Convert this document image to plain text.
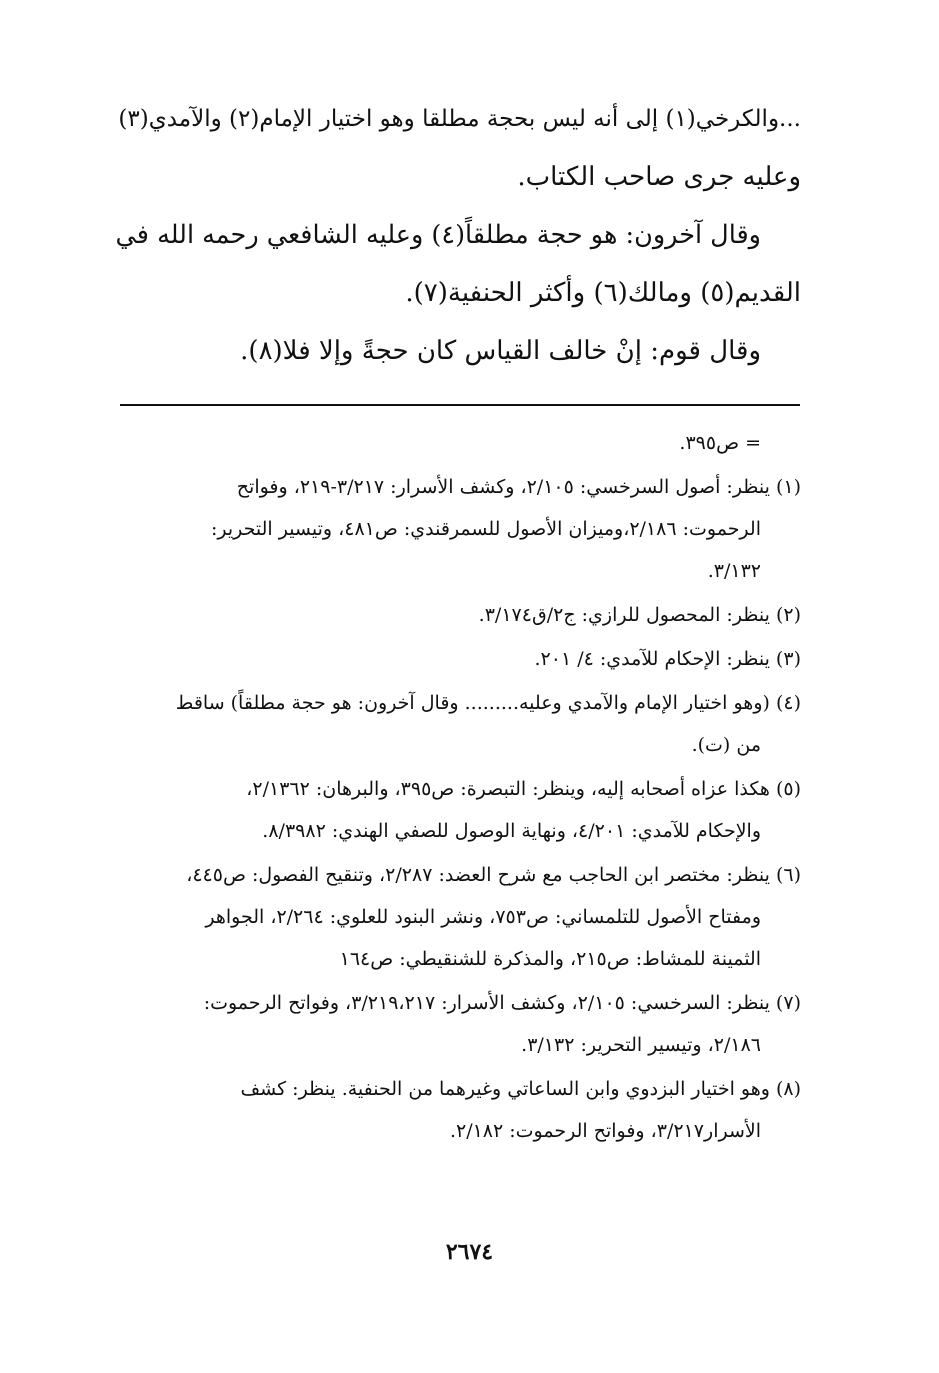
...والكرخي(١) إلى أنه ليس بحجة مطلقا وهو اختيار الإمام(٢) والآمدي(٣)
وعليه جرى صاحب الكتاب.
وقال آخرون: هو حجة مطلقاً(٤) وعليه الشافعي رحمه الله في
القديم(٥) ومالك(٦) وأكثر الحنفية(٧).
وقال قوم: إنْ خالف القياس كان حجةً وإلا فلا(٨).
= ص٣٩٥.
(١) ينظر: أصول السرخسي: ٢/١٠٥، وكشف الأسرار: ٣/٢١٧-٢١٩، وفواتح
الرحموت: ٢/١٨٦،وميزان الأصول للسمرقندي: ص٤٨١، وتيسير التحرير:
٣/١٣٢.
(٢) ينظر: المحصول للرازي: ج٢/ق٣/١٧٤.
(٣) ينظر: الإحكام للآمدي: ٤/ ٢٠١.
(٤) (وهو اختيار الإمام والآمدي وعليه......... وقال آخرون: هو حجة مطلقاً) ساقط
من (ت).
(٥) هكذا عزاه أصحابه إليه، وينظر: التبصرة: ص٣٩٥، والبرهان: ٢/١٣٦٢،
والإحكام للآمدي: ٤/٢٠١، ونهاية الوصول للصفي الهندي: ٨/٣٩٨٢.
(٦) ينظر: مختصر ابن الحاجب مع شرح العضد: ٢/٢٨٧، وتنقيح الفصول: ص٤٤٥،
ومفتاح الأصول للتلمساني: ص٧٥٣، ونشر البنود للعلوي: ٢/٢٦٤، الجواهر
الثمينة للمشاط: ص٢١٥، والمذكرة للشنقيطي: ص١٦٤
(٧) ينظر: السرخسي: ٢/١٠٥، وكشف الأسرار: ٣/٢١٩،٢١٧، وفواتح الرحموت:
٢/١٨٦، وتيسير التحرير: ٣/١٣٢.
(٨) وهو اختيار البزدوي وابن الساعاتي وغيرهما من الحنفية. ينظر: كشف
الأسرار٣/٢١٧، وفواتح الرحموت: ٢/١٨٢.
٢٦٧٤
